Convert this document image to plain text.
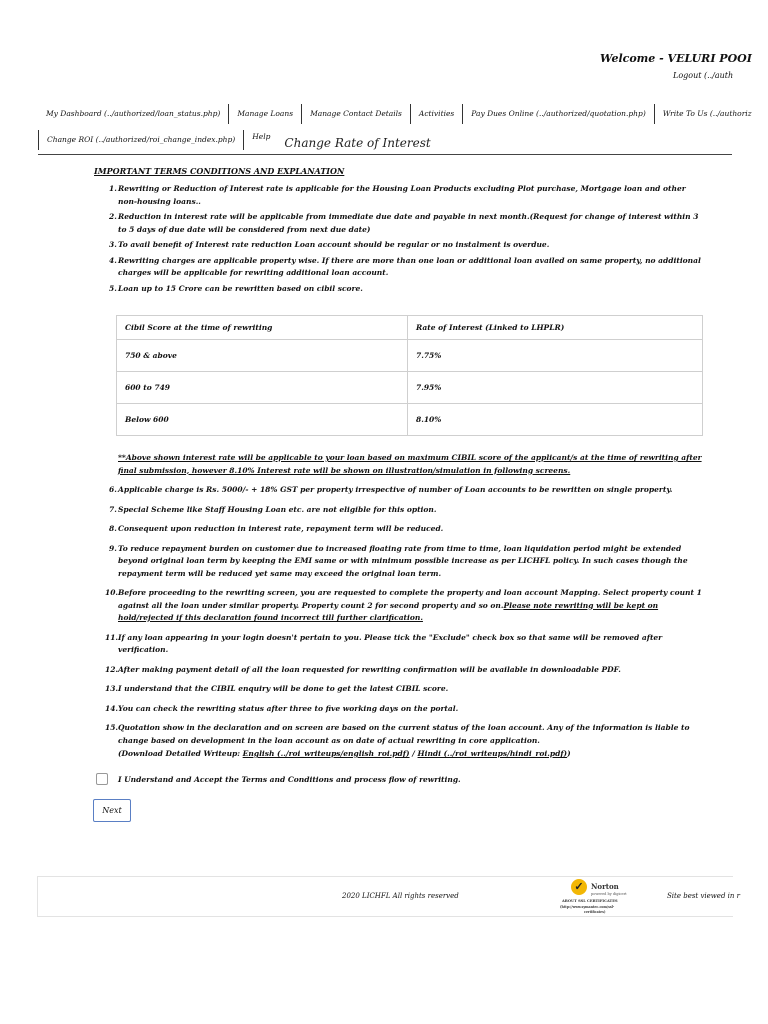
Welcome - VELURI POOI
Logout (../auth
My Dashboard (../authorized/loan_status.php)	Manage Loans	Manage Contact Details	Activities	Pay Dues Online (../authorized/quotation.php)	Write To Us (../authoriz
Change ROI (../authorized/roi_change_index.php)	Help	Change Rate of Interest
IMPORTANT TERMS CONDITIONS AND EXPLANATION
1. Rewriting or Reduction of Interest rate is applicable for the Housing Loan Products excluding Plot purchase, Mortgage loan and other non-housing loans..
2. Reduction in interest rate will be applicable from immediate due date and payable in next month.(Request for change of interest within 3 to 5 days of due date will be considered from next due date)
3. To avail benefit of Interest rate reduction Loan account should be regular or no instalment is overdue.
4. Rewriting charges are applicable property wise. If there are more than one loan or additional loan availed on same property, no additional charges will be applicable for rewriting additional loan account.
5. Loan up to 15 Crore can be rewritten based on cibil score.
Cibil Score at the time of rewriting	Rate of Interest (Linked to LHPLR)
750 & above	7.75%
600 to 749	7.95%
Below 600	8.10%
**Above shown interest rate will be applicable to your loan based on maximum CIBIL score of the applicant/s at the time of rewriting after final submission, however 8.10% Interest rate will be shown on illustration/simulation in following screens.
6. Applicable charge is Rs. 5000/- + 18% GST per property irrespective of number of Loan accounts to be rewritten on single property.
7. Special Scheme like Staff Housing Loan etc. are not eligible for this option.
8. Consequent upon reduction in interest rate, repayment term will be reduced.
9. To reduce repayment burden on customer due to increased floating rate from time to time, loan liquidation period might be extended beyond original loan term by keeping the EMI same or with minimum possible increase as per LICHFL policy. In such cases though the repayment term will be reduced yet same may exceed the original loan term.
10. Before proceeding to the rewriting screen, you are requested to complete the property and loan account Mapping. Select property count 1 against all the loan under similar property. Property count 2 for second property and so on.Please note rewriting will be kept on hold/rejected if this declaration found incorrect till further clarification.
11. If any loan appearing in your login doesn't pertain to you. Please tick the "Exclude" check box so that same will be removed after verification.
12. After making payment detail of all the loan requested for rewriting confirmation will be available in downloadable PDF.
13. I understand that the CIBIL enquiry will be done to get the latest CIBIL score.
14. You can check the rewriting status after three to five working days on the portal.
15. Quotation show in the declaration and on screen are based on the current status of the loan account. Any of the information is liable to change based on development in the loan account as on date of actual rewriting in core application.
(Download Detailed Writeup: English (../roi_writeups/english_roi.pdf) / Hindi (../roi_writeups/hindi_roi.pdf))
I Understand and Accept the Terms and Conditions and process flow of rewriting.
Next
2020 LICHFL All rights reserved
✓	Norton
powered by digicert
ABOUT SSL CERTIFICATES
(http://www.symantec.com/ssl-
certificates)
Site best viewed in r
